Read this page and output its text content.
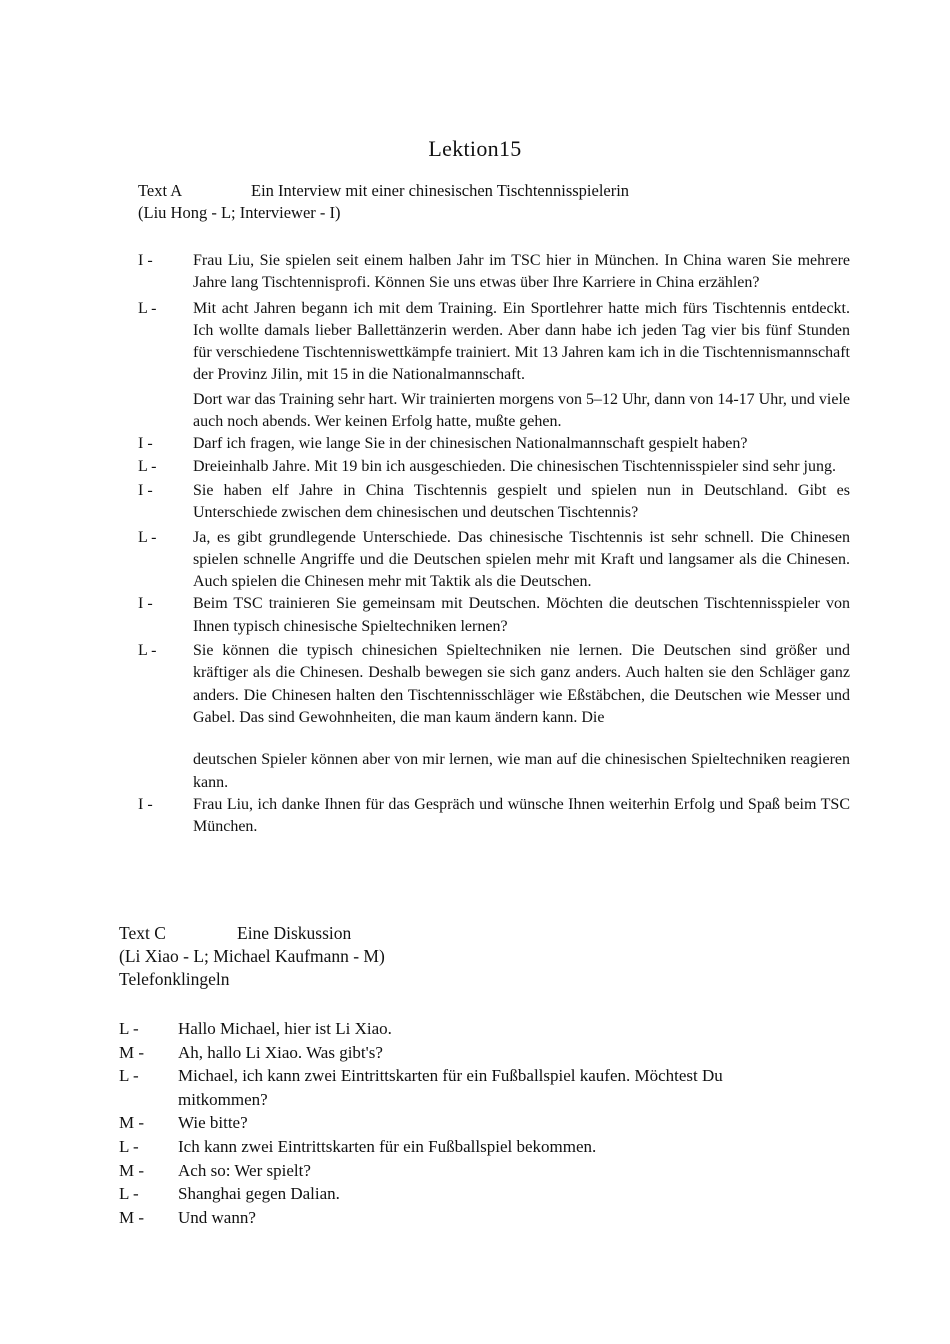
Lektion15
Text A	Ein Interview mit einer chinesischen Tischtennisspielerin
(Liu Hong - L; Interviewer - I)
I -	Frau Liu, Sie spielen seit einem halben Jahr im TSC hier in München. In China waren Sie mehrere Jahre lang Tischtennisprofi. Können Sie uns etwas über Ihre Karriere in China erzählen?
L - Mit acht Jahren begann ich mit dem Training. Ein Sportlehrer hatte mich fürs Tischtennis entdeckt. Ich wollte damals lieber Ballettänzerin werden. Aber dann habe ich jeden Tag vier bis fünf Stunden für verschiedene Tischtenniswettkämpfe trainiert. Mit 13 Jahren kam ich in die Tischtennismannschaft der Provinz Jilin, mit 15 in die Nationalmannschaft.
Dort war das Training sehr hart. Wir trainierten morgens von 5–12 Uhr, dann von 14-17 Uhr, und viele auch noch abends. Wer keinen Erfolg hatte, mußte gehen.
I -	Darf ich fragen, wie lange Sie in der chinesischen Nationalmannschaft gespielt haben?
L - Dreieinhalb Jahre. Mit 19 bin ich ausgeschieden. Die chinesischen Tischtennisspieler sind sehr jung.
I -	Sie haben elf Jahre in China Tischtennis gespielt und spielen nun in Deutschland. Gibt es Unterschiede zwischen dem chinesischen und deutschen Tischtennis?
L - Ja, es gibt grundlegende Unterschiede. Das chinesische Tischtennis ist sehr schnell. Die Chinesen spielen schnelle Angriffe und die Deutschen spielen mehr mit Kraft und langsamer als die Chinesen. Auch spielen die Chinesen mehr mit Taktik als die Deutschen.
I -	Beim TSC trainieren Sie gemeinsam mit Deutschen. Möchten die deutschen Tischtennisspieler von Ihnen typisch chinesische Spieltechniken lernen?
L - Sie können die typisch chinesichen Spieltechniken nie lernen. Die Deutschen sind größer und kräftiger als die Chinesen. Deshalb bewegen sie sich ganz anders. Auch halten sie den Schläger ganz anders. Die Chinesen halten den Tischtennisschläger wie Eßstäbchen, die Deutschen wie Messer und Gabel. Das sind Gewohnheiten, die man kaum ändern kann. Die
deutschen Spieler können aber von mir lernen, wie man auf die chinesischen Spieltechniken reagieren kann.
I -	Frau Liu, ich danke Ihnen für das Gespräch und wünsche Ihnen weiterhin Erfolg und Spaß beim TSC München.
Text C	Eine Diskussion
(Li Xiao - L; Michael Kaufmann - M)
Telefonklingeln
L - Hallo Michael, hier ist Li Xiao.
M - Ah, hallo Li Xiao. Was gibt's?
L - Michael, ich kann zwei Eintrittskarten für ein Fußballspiel kaufen. Möchtest Du mitkommen?
M - Wie bitte?
L - Ich kann zwei Eintrittskarten für ein Fußballspiel bekommen.
M - Ach so: Wer spielt?
L - Shanghai gegen Dalian.
M - Und wann?
